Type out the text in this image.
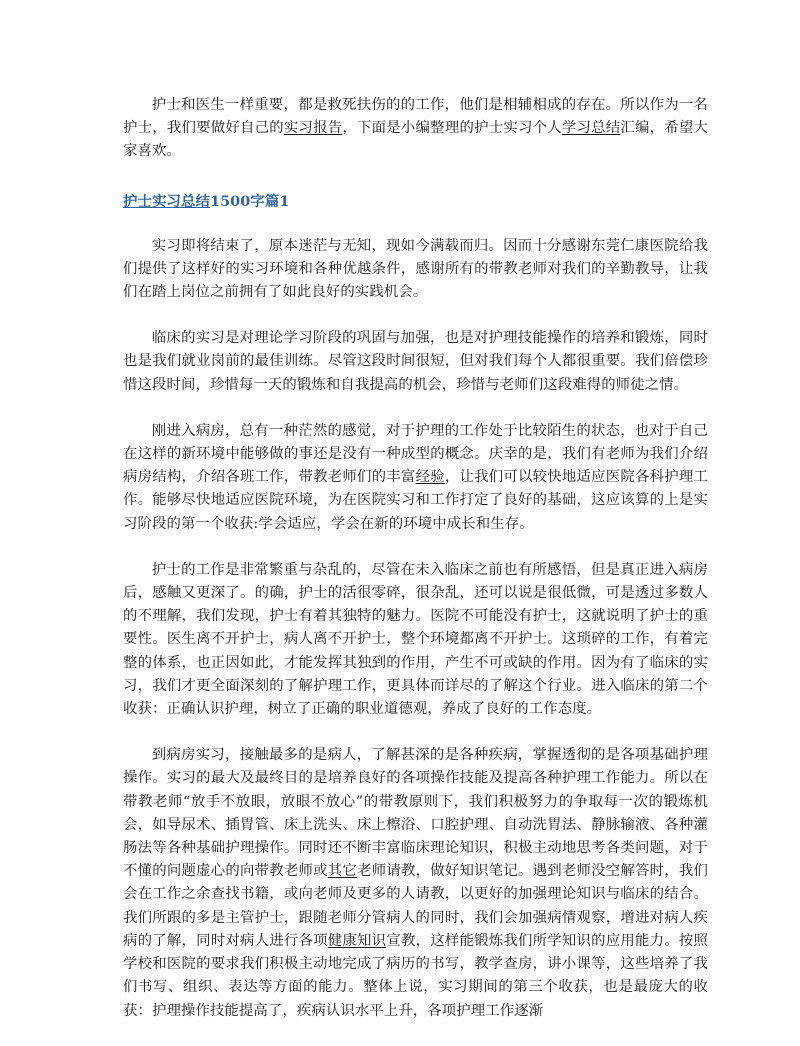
护士和医生一样重要，都是救死扶伤的的工作，他们是相辅相成的存在。所以作为一名护士，我们要做好自己的实习报告，下面是小编整理的护士实习个人学习总结汇编，希望大家喜欢。

护士实习总结1500字篇1

实习即将结束了，原本迷茫与无知，现如今满载而归。因而十分感谢东莞仁康医院给我们提供了这样好的实习环境和各种优越条件，感谢所有的带教老师对我们的辛勤教导，让我们在踏上岗位之前拥有了如此良好的实践机会。

临床的实习是对理论学习阶段的巩固与加强，也是对护理技能操作的培养和锻炼，同时也是我们就业岗前的最佳训练。尽管这段时间很短，但对我们每个人都很重要。我们倍偿珍惜这段时间，珍惜每一天的锻炼和自我提高的机会，珍惜与老师们这段难得的师徒之情。

刚进入病房，总有一种茫然的感觉，对于护理的工作处于比较陌生的状态，也对于自己在这样的新环境中能够做的事还是没有一种成型的概念。庆幸的是，我们有老师为我们介绍病房结构，介绍各班工作，带教老师们的丰富经验，让我们可以较快地适应医院各科护理工作。能够尽快地适应医院环境，为在医院实习和工作打定了良好的基础，这应该算的上是实习阶段的第一个收获:学会适应，学会在新的环境中成长和生存。

护士的工作是非常繁重与杂乱的，尽管在未入临床之前也有所感悟，但是真正进入病房后，感触又更深了。的确，护士的活很零碎，很杂乱，还可以说是很低微，可是透过多数人的不理解，我们发现，护士有着其独特的魅力。医院不可能没有护士，这就说明了护士的重要性。医生离不开护士，病人离不开护士，整个环境都离不开护士。这琐碎的工作，有着完整的体系，也正因如此，才能发挥其独到的作用，产生不可或缺的作用。因为有了临床的实习，我们才更全面深刻的了解护理工作，更具体而详尽的了解这个行业。进入临床的第二个收获：正确认识护理，树立了正确的职业道德观，养成了良好的工作态度。

到病房实习，接触最多的是病人，了解甚深的是各种疾病，掌握透彻的是各项基础护理操作。实习的最大及最终目的是培养良好的各项操作技能及提高各种护理工作能力。所以在带教老师“放手不放眼，放眼不放心”的带教原则下，我们积极努力的争取每一次的锻炼机会，如导尿术、插胃管、床上洗头、床上檫浴、口腔护理、自动洗胃法、静脉输液、各种灌肠法等各种基础护理操作。同时还不断丰富临床理论知识，积极主动地思考各类问题，对于不懂的问题虚心的向带教老师或其它老师请教，做好知识笔记。遇到老师没空解答时，我们会在工作之余查找书籍，或向老师及更多的人请教，以更好的加强理论知识与临床的结合。我们所跟的多是主管护士，跟随老师分管病人的同时，我们会加强病情观察，增进对病人疾病的了解，同时对病人进行各项健康知识宣教，这样能锻炼我们所学知识的应用能力。按照学校和医院的要求我们积极主动地完成了病历的书写，教学查房，讲小课等，这些培养了我们书写、组织、表达等方面的能力。整体上说，实习期间的第三个收获，也是最庞大的收获：护理操作技能提高了，疾病认识水平上升，各项护理工作逐渐
